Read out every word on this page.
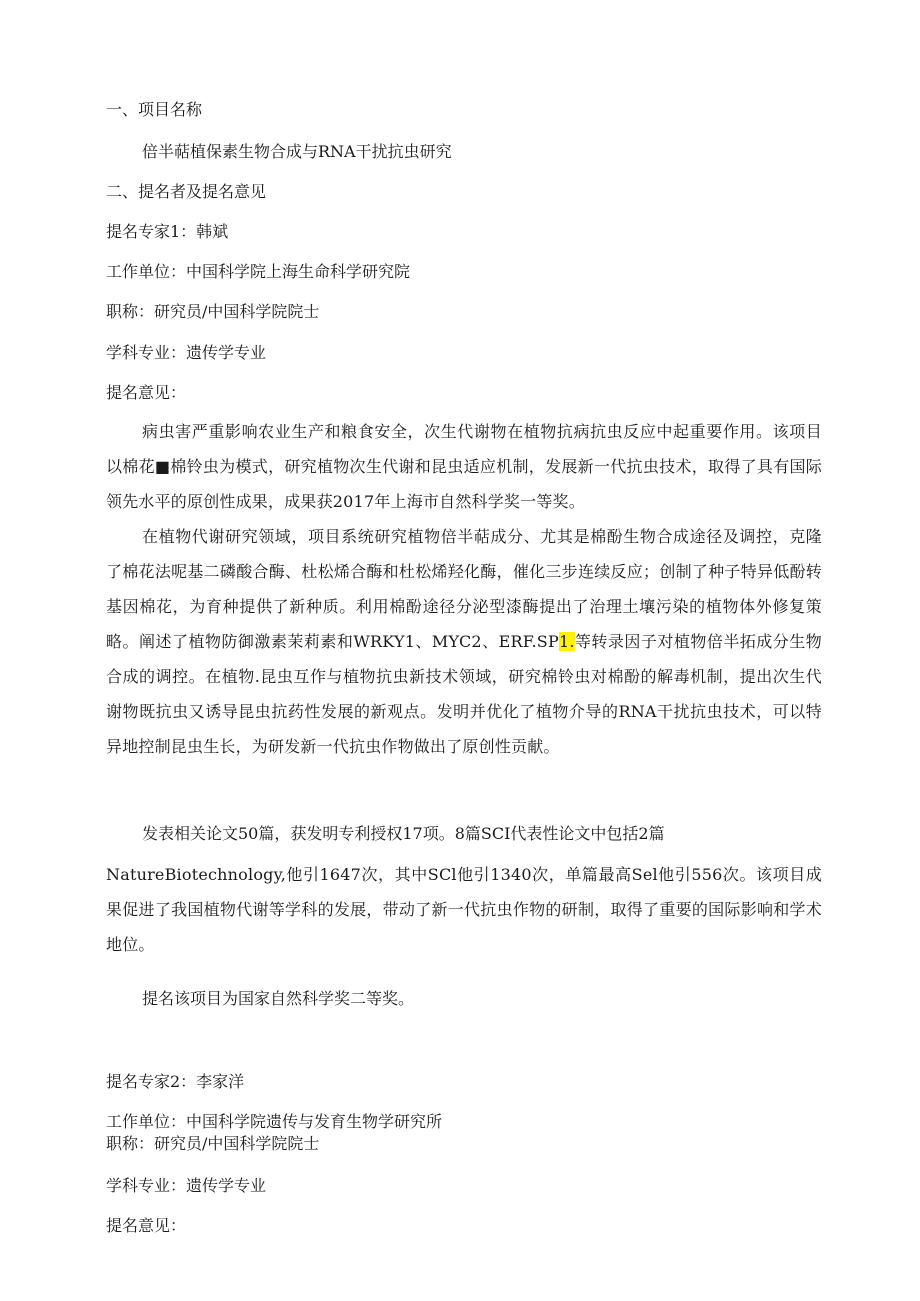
一、项目名称
倍半萜植保素生物合成与RNA干扰抗虫研究
二、提名者及提名意见
提名专家1：韩斌
工作单位：中国科学院上海生命科学研究院
职称：研究员/中国科学院院士
学科专业：遗传学专业
提名意见：

病虫害严重影响农业生产和粮食安全，次生代谢物在植物抗病抗虫反应中起重要作用。该项目以棉花■棉铃虫为模式，研究植物次生代谢和昆虫适应机制，发展新一代抗虫技术，取得了具有国际领先水平的原创性成果，成果获2017年上海市自然科学奖一等奖。

在植物代谢研究领域，项目系统研究植物倍半萜成分、尤其是棉酚生物合成途径及调控，克隆了棉花法呢基二磷酸合酶、杜松烯合酶和杜松烯羟化酶，催化三步连续反应；创制了种子特异低酚转基因棉花，为育种提供了新种质。利用棉酚途径分泌型漆酶提出了治理土壤污染的植物体外修复策略。阐述了植物防御激素茉莉素和WRKY1、MYC2、ERF.SP1.等转录因子对植物倍半拓成分生物合成的调控。在植物.昆虫互作与植物抗虫新技术领域，研究棉铃虫对棉酚的解毒机制，提出次生代谢物既抗虫又诱导昆虫抗药性发展的新观点。发明并优化了植物介导的RNA干扰抗虫技术，可以特异地控制昆虫生长，为研发新一代抗虫作物做出了原创性贡献。

发表相关论文50篇，获发明专利授权17项。8篇SCI代表性论文中包括2篇

NatureBiotechnology,他引1647次，其中SCl他引1340次，单篇最高Sel他引556次。该项目成果促进了我国植物代谢等学科的发展，带动了新一代抗虫作物的研制，取得了重要的国际影响和学术地位。

提名该项目为国家自然科学奖二等奖。
提名专家2：李家洋
工作单位：中国科学院遗传与发育生物学研究所
职称：研究员/中国科学院院士
学科专业：遗传学专业
提名意见：
